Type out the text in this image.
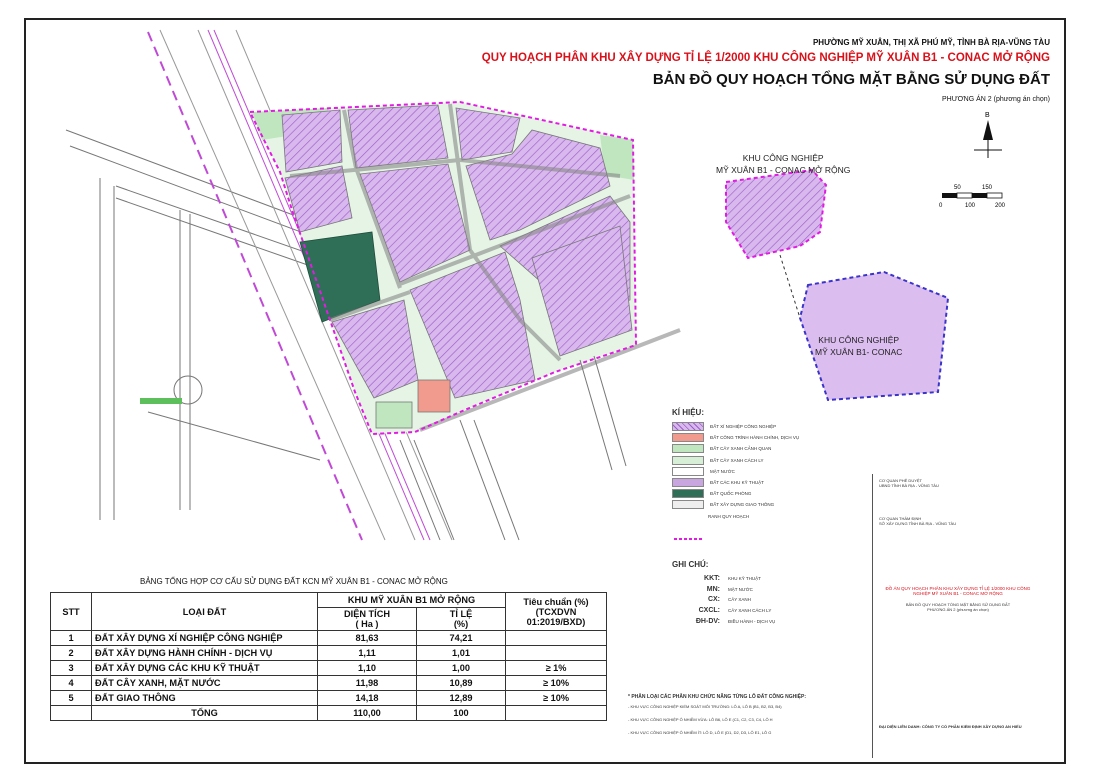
B
0
50
100
150
200
PHƯỜNG MỸ XUÂN, THỊ XÃ PHÚ MỸ, TỈNH BÀ RỊA-VŨNG TÀU
QUY HOẠCH PHÂN KHU XÂY DỰNG TỈ LỆ 1/2000 KHU CÔNG NGHIỆP MỸ XUÂN B1 - CONAC MỞ RỘNG
BẢN ĐỒ QUY HOẠCH TỔNG MẶT BẰNG SỬ DỤNG ĐẤT
PHƯƠNG ÁN 2 (phương án chọn)
KHU CÔNG NGHIỆP
MỸ XUÂN B1 - CONAC MỞ RỘNG
KHU CÔNG NGHIỆP
MỸ XUÂN B1- CONAC
BẢNG TỔNG HỢP CƠ CẤU SỬ DỤNG ĐẤT KCN MỸ XUÂN B1 - CONAC MỞ RỘNG
STT	LOẠI ĐẤT	KHU MỸ XUÂN B1 MỞ RỘNG		Tiêu chuẩn (%)
(TCXDVN
01:2019/BXD)
		DIỆN TÍCH
( Ha )	TỈ LỆ
(%)	
1	ĐẤT XÂY DỰNG XÍ NGHIỆP CÔNG NGHIỆP	81,63	74,21	
2	ĐẤT XÂY DỰNG HÀNH CHÍNH - DỊCH VỤ	1,11	1,01	
3	ĐẤT XÂY DỰNG CÁC KHU KỸ THUẬT	1,10	1,00	≥ 1%
4	ĐẤT CÂY XANH, MẶT NƯỚC	11,98	10,89	≥ 10%
5	ĐẤT GIAO THÔNG	14,18	12,89	≥ 10%
	TỔNG	110,00	100	
KÍ HIỆU:
ĐẤT XÍ NGHIỆP CÔNG NGHIỆP
ĐẤT CÔNG TRÌNH HÀNH CHÍNH, DỊCH VỤ
ĐẤT CÂY XANH CẢNH QUAN
ĐẤT CÂY XANH CÁCH LY
MẶT NƯỚC
ĐẤT CÁC KHU KỸ THUẬT
ĐẤT QUỐC PHÒNG
ĐẤT XÂY DỰNG GIAO THÔNG
RANH QUY HOẠCH
GHI CHÚ:
KKT:	KHU KỸ THUẬT
MN:	MẶT NƯỚC
CX:	CÂY XANH
CXCL:	CÂY XANH CÁCH LY
ĐH-DV:	ĐIỀU HÀNH - DỊCH VỤ
* PHÂN LOẠI CÁC PHÂN KHU CHỨC NĂNG TỪNG LÔ ĐẤT CÔNG NGHIỆP:
- KHU VỰC CÔNG NGHIỆP KIỂM SOÁT MÔI TRƯỜNG: LÔ A, LÔ B (B1, B2, B3, B4)
- KHU VỰC CÔNG NGHIỆP Ô NHIỄM VỪA: LÔ B6, LÔ E (C1, C2, C3, C4, LÔ H
- KHU VỰC CÔNG NGHIỆP Ô NHIỄM ÍT: LÔ D, LÔ E (D1, D2, D3, LÔ E1, LÔ G
CƠ QUAN PHÊ DUYỆT
UBND TỈNH BÀ RỊA - VŨNG TÀU
CƠ QUAN THẨM ĐỊNH
SỞ XÂY DỰNG TỈNH BÀ RỊA - VŨNG TÀU
ĐỒ ÁN QUY HOẠCH PHÂN KHU XÂY DỰNG TỈ LỆ 1/2000 KHU CÔNG NGHIỆP MỸ XUÂN B1 - CONAC MỞ RỘNG
BẢN ĐỒ QUY HOẠCH TỔNG MẶT BẰNG SỬ DỤNG ĐẤT
PHƯƠNG ÁN 2 (phương án chọn)
ĐẠI DIỆN LIÊN DANH: CÔNG TY CỔ PHẦN KIỂM ĐỊNH XÂY DỰNG AN HIẾU
